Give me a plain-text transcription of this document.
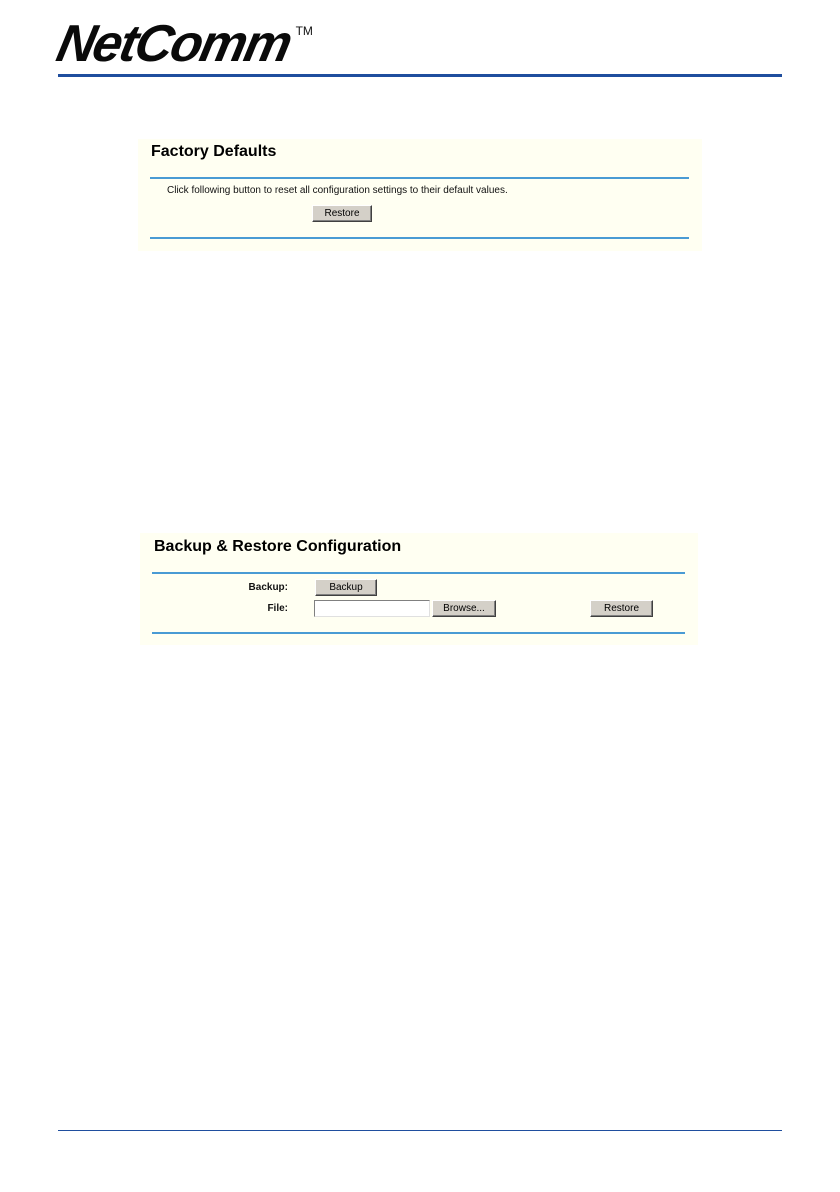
NetComm TM
Factory Defaults
Click following button to reset all configuration settings to their default values.
Restore
Backup & Restore Configuration
Backup:	Backup
File:	Browse...	Restore
